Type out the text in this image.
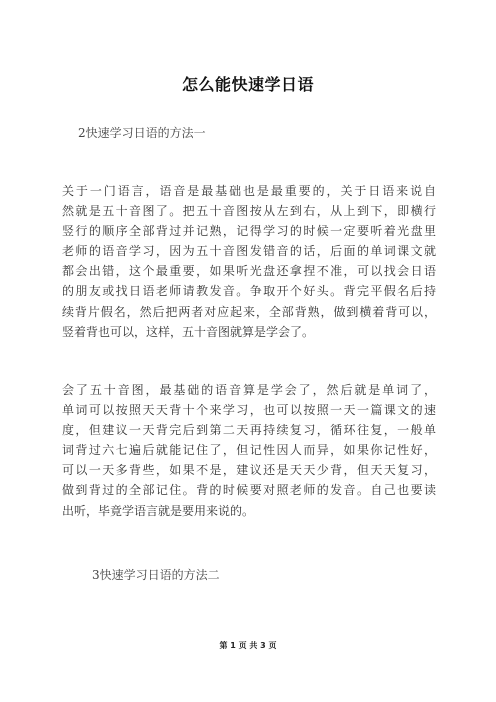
怎么能快速学日语
2快速学习日语的方法一
关于一门语言，语音是最基础也是最重要的，关于日语来说自
然就是五十音图了。把五十音图按从左到右，从上到下，即横行
竖行的顺序全部背过并记熟，记得学习的时候一定要听着光盘里
老师的语音学习，因为五十音图发错音的话，后面的单词课文就
都会出错，这个最重要，如果听光盘还拿捏不准，可以找会日语
的朋友或找日语老师请教发音。争取开个好头。背完平假名后持
续背片假名，然后把两者对应起来，全部背熟，做到横着背可以，
竖着背也可以，这样，五十音图就算是学会了。
会了五十音图，最基础的语音算是学会了，然后就是单词了，
单词可以按照天天背十个来学习，也可以按照一天一篇课文的速
度，但建议一天背完后到第二天再持续复习，循环往复，一般单
词背过六七遍后就能记住了，但记性因人而异，如果你记性好，
可以一天多背些，如果不是，建议还是天天少背，但天天复习，
做到背过的全部记住。背的时候要对照老师的发音。自己也要读
出听，毕竟学语言就是要用来说的。
3快速学习日语的方法二
第 1 页 共 3 页
